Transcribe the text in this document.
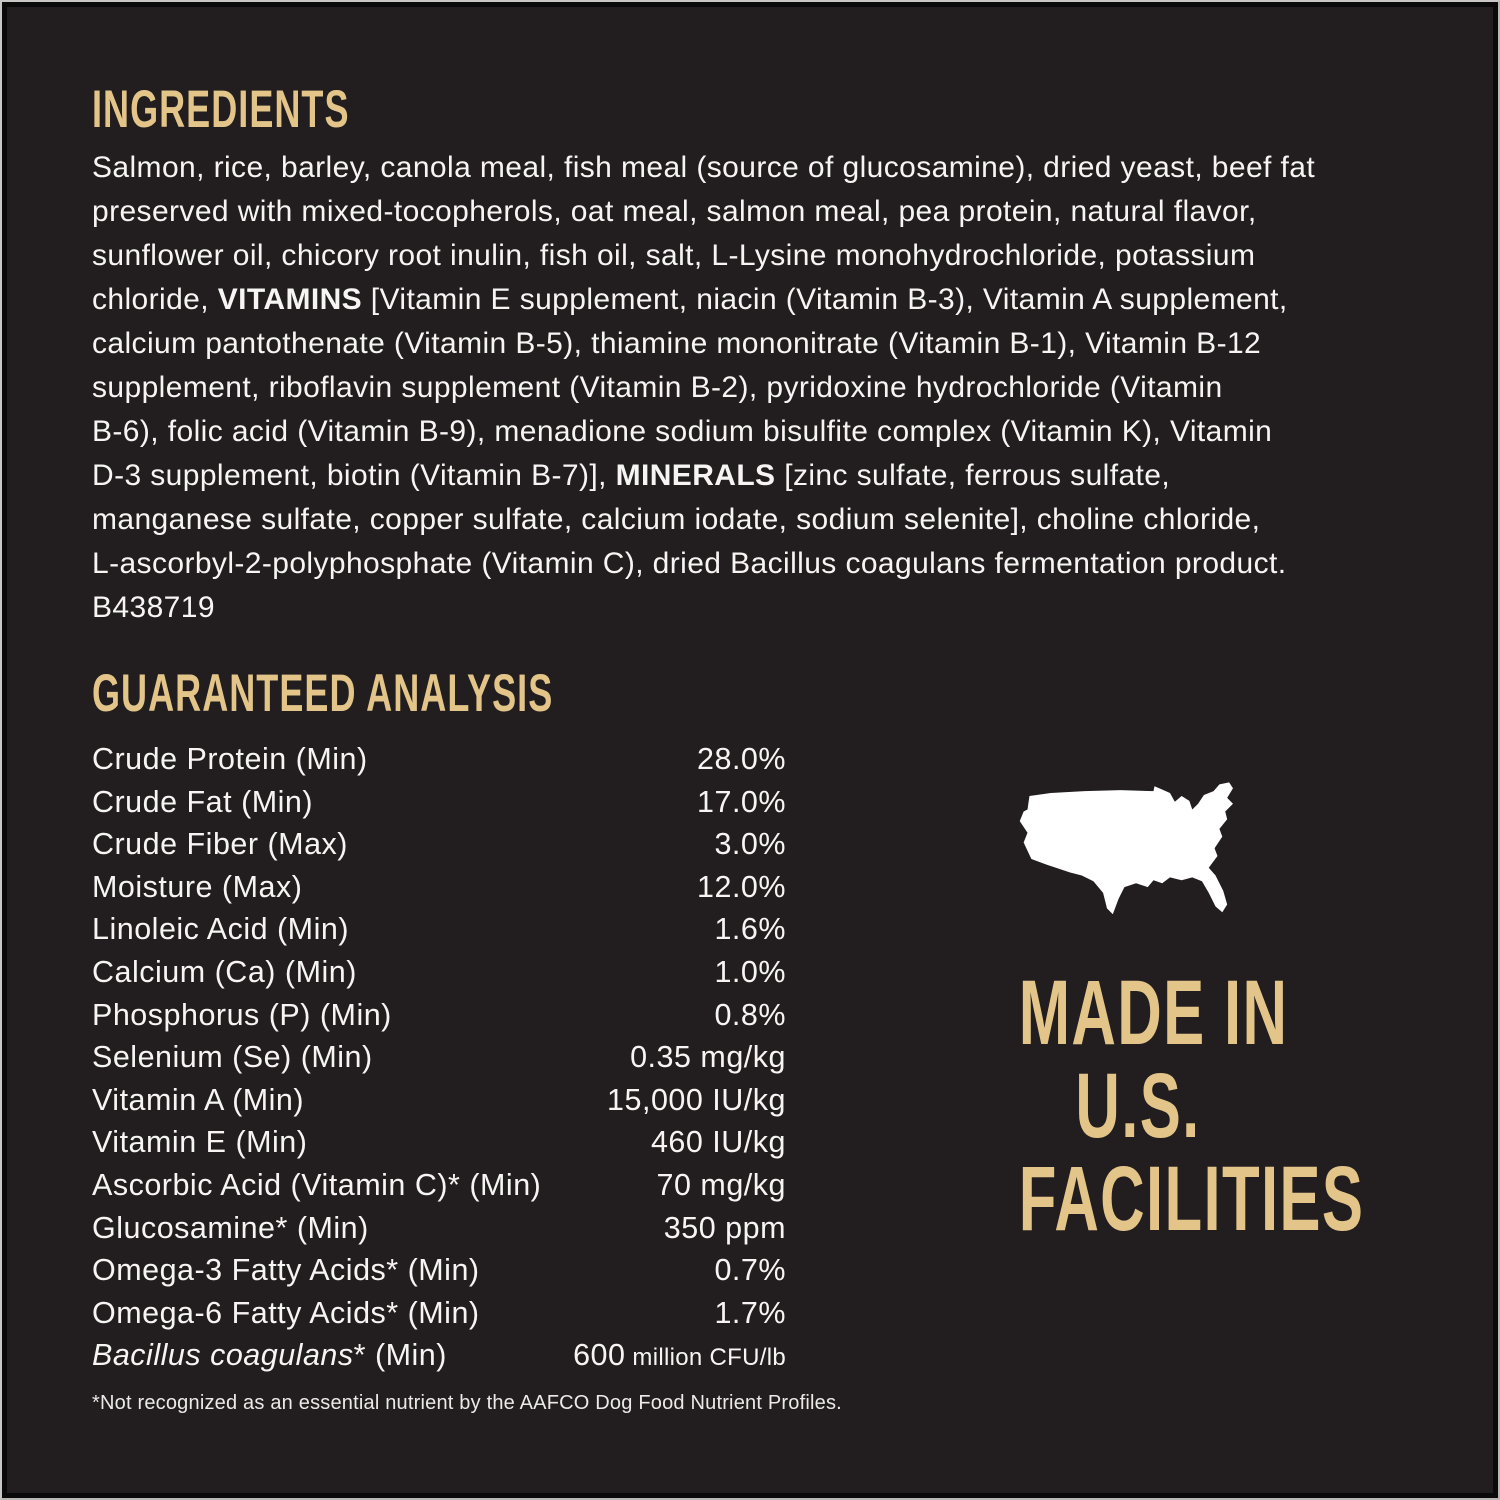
INGREDIENTS
Salmon, rice, barley, canola meal, fish meal (source of glucosamine), dried yeast, beef fat
preserved with mixed-tocopherols, oat meal, salmon meal, pea protein, natural flavor,
sunflower oil, chicory root inulin, fish oil, salt, L-Lysine monohydrochloride, potassium
chloride, VITAMINS [Vitamin E supplement, niacin (Vitamin B-3), Vitamin A supplement,
calcium pantothenate (Vitamin B-5), thiamine mononitrate (Vitamin B-1), Vitamin B-12
supplement, riboflavin supplement (Vitamin B-2), pyridoxine hydrochloride (Vitamin
B-6), folic acid (Vitamin B-9), menadione sodium bisulfite complex (Vitamin K), Vitamin
D-3 supplement, biotin (Vitamin B-7)], MINERALS [zinc sulfate, ferrous sulfate,
manganese sulfate, copper sulfate, calcium iodate, sodium selenite], choline chloride,
L-ascorbyl-2-polyphosphate (Vitamin C), dried Bacillus coagulans fermentation product.
B438719
GUARANTEED ANALYSIS
Crude Protein (Min)	28.0%
Crude Fat (Min)	17.0%
Crude Fiber (Max)	3.0%
Moisture (Max)	12.0%
Linoleic Acid (Min)	1.6%
Calcium (Ca) (Min)	1.0%
Phosphorus (P) (Min)	0.8%
Selenium (Se) (Min)	0.35 mg/kg
Vitamin A (Min)	15,000 IU/kg
Vitamin E (Min)	460 IU/kg
Ascorbic Acid (Vitamin C)* (Min)	70 mg/kg
Glucosamine* (Min)	350 ppm
Omega-3 Fatty Acids* (Min)	0.7%
Omega-6 Fatty Acids* (Min)	1.7%
Bacillus coagulans* (Min)	600 million CFU/lb
*Not recognized as an essential nutrient by the AAFCO Dog Food Nutrient Profiles.
MADE IN
U.S.
FACILITIES
